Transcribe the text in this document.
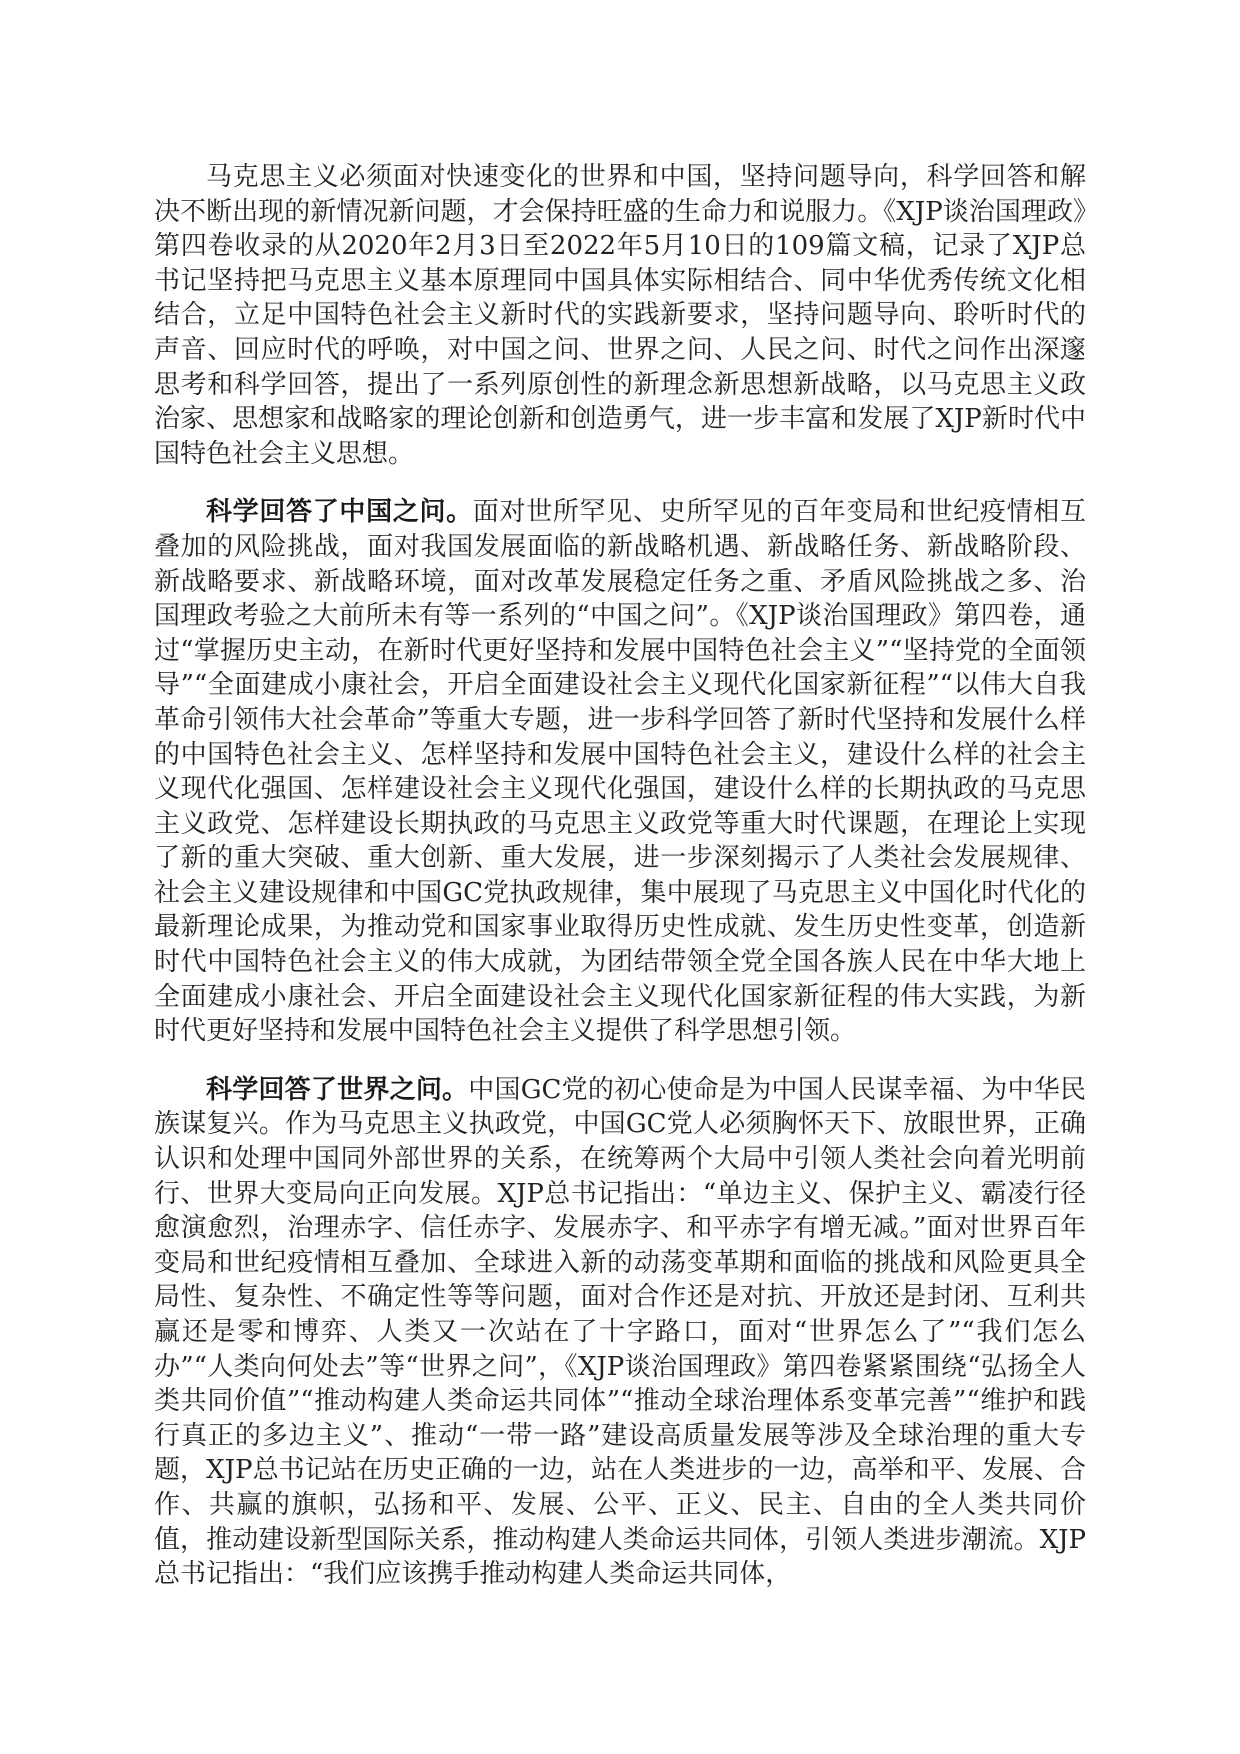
马克思主义必须面对快速变化的世界和中国，坚持问题导向，科学回答和解决不断出现的新情况新问题，才会保持旺盛的生命力和说服力。《XJP谈治国理政》第四卷收录的从2020年2月3日至2022年5月10日的109篇文稿，记录了XJP总书记坚持把马克思主义基本原理同中国具体实际相结合、同中华优秀传统文化相结合，立足中国特色社会主义新时代的实践新要求，坚持问题导向、聆听时代的声音、回应时代的呼唤，对中国之问、世界之问、人民之问、时代之问作出深邃思考和科学回答，提出了一系列原创性的新理念新思想新战略，以马克思主义政治家、思想家和战略家的理论创新和创造勇气，进一步丰富和发展了XJP新时代中国特色社会主义思想。

科学回答了中国之问。面对世所罕见、史所罕见的百年变局和世纪疫情相互叠加的风险挑战，面对我国发展面临的新战略机遇、新战略任务、新战略阶段、新战略要求、新战略环境，面对改革发展稳定任务之重、矛盾风险挑战之多、治国理政考验之大前所未有等一系列的“中国之问”。《XJP谈治国理政》第四卷，通过“掌握历史主动，在新时代更好坚持和发展中国特色社会主义”“坚持党的全面领导”“全面建成小康社会，开启全面建设社会主义现代化国家新征程”“以伟大自我革命引领伟大社会革命”等重大专题，进一步科学回答了新时代坚持和发展什么样的中国特色社会主义、怎样坚持和发展中国特色社会主义，建设什么样的社会主义现代化强国、怎样建设社会主义现代化强国，建设什么样的长期执政的马克思主义政党、怎样建设长期执政的马克思主义政党等重大时代课题，在理论上实现了新的重大突破、重大创新、重大发展，进一步深刻揭示了人类社会发展规律、社会主义建设规律和中国GC党执政规律，集中展现了马克思主义中国化时代化的最新理论成果，为推动党和国家事业取得历史性成就、发生历史性变革，创造新时代中国特色社会主义的伟大成就，为团结带领全党全国各族人民在中华大地上全面建成小康社会、开启全面建设社会主义现代化国家新征程的伟大实践，为新时代更好坚持和发展中国特色社会主义提供了科学思想引领。

科学回答了世界之问。中国GC党的初心使命是为中国人民谋幸福、为中华民族谋复兴。作为马克思主义执政党，中国GC党人必须胸怀天下、放眼世界，正确认识和处理中国同外部世界的关系，在统筹两个大局中引领人类社会向着光明前行、世界大变局向正向发展。XJP总书记指出：“单边主义、保护主义、霸凌行径愈演愈烈，治理赤字、信任赤字、发展赤字、和平赤字有增无减。”面对世界百年变局和世纪疫情相互叠加、全球进入新的动荡变革期和面临的挑战和风险更具全局性、复杂性、不确定性等等问题，面对合作还是对抗、开放还是封闭、互利共赢还是零和博弈、人类又一次站在了十字路口，面对“世界怎么了”“我们怎么办”“人类向何处去”等“世界之问”，《XJP谈治国理政》第四卷紧紧围绕“弘扬全人类共同价值”“推动构建人类命运共同体”“推动全球治理体系变革完善”“维护和践行真正的多边主义”、推动“一带一路”建设高质量发展等涉及全球治理的重大专题，XJP总书记站在历史正确的一边，站在人类进步的一边，高举和平、发展、合作、共赢的旗帜，弘扬和平、发展、公平、正义、民主、自由的全人类共同价值，推动建设新型国际关系，推动构建人类命运共同体，引领人类进步潮流。XJP总书记指出：“我们应该携手推动构建人类命运共同体，
